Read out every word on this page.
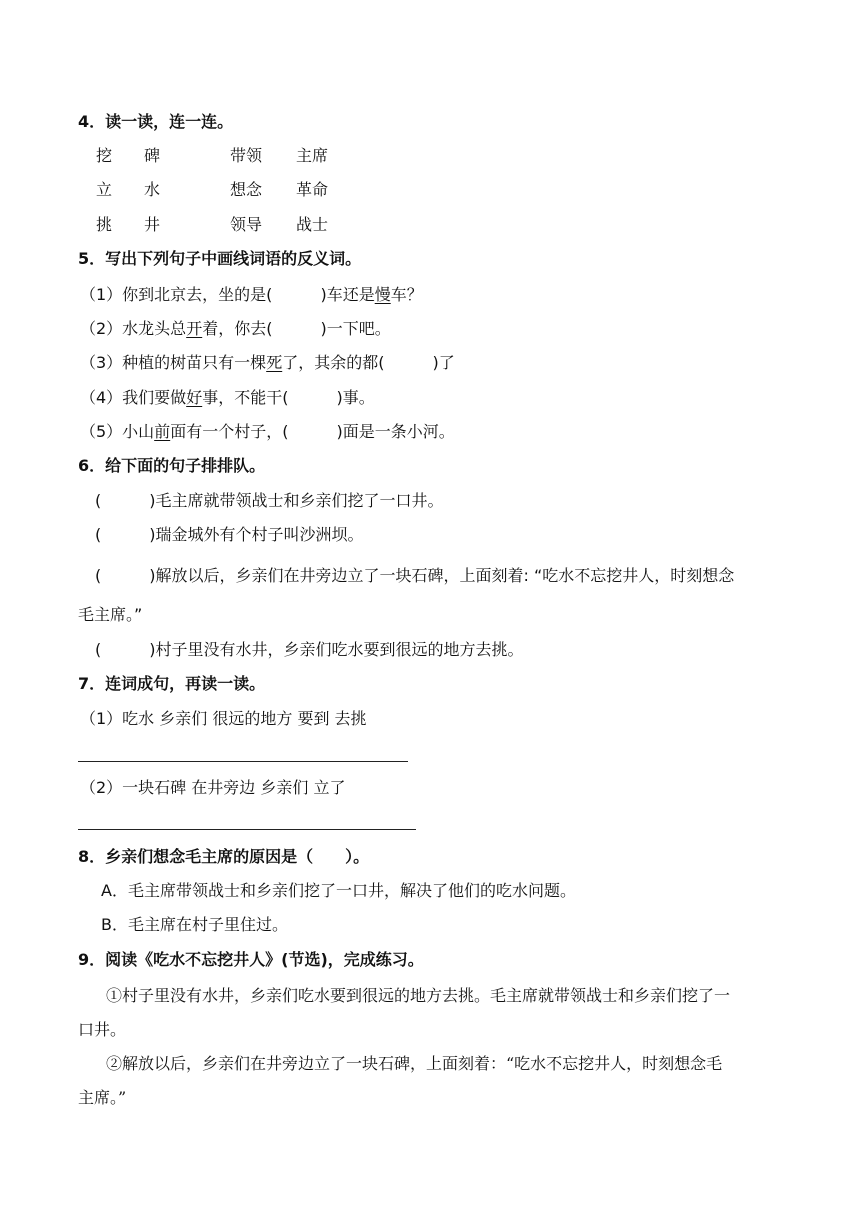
4．读一读，连一连。
挖 碑	带领 主席
立 水	想念 革命
挑 井	领导 战士
5．写出下列句子中画线词语的反义词。
（1）你到北京去，坐的是(　　　	)车还是慢车？
（2）水龙头总开着，你去(　　　	)一下吧。
（3）种植的树苗只有一棵死了，其余的都(　　　	)了
（4）我们要做好事，不能干(　　　	)事。
（5）小山前面有一个村子，(　　　	)面是一条小河。
6．给下面的句子排排队。
(　　　)毛主席就带领战士和乡亲们挖了一口井。
(　　　)瑞金城外有个村子叫沙洲坝。
(　　　)解放以后，乡亲们在井旁边立了一块石碑，上面刻着: “吃水不忘挖井人，时刻想念
毛主席。”
(　　　)村子里没有水井，乡亲们吃水要到很远的地方去挑。
7．连词成句，再读一读。
（1）吃水 乡亲们 很远的地方 要到 去挑
（2）一块石碑 在井旁边 乡亲们 立了
8．乡亲们想念毛主席的原因是（　　）。
A．毛主席带领战士和乡亲们挖了一口井，解决了他们的吃水问题。
B．毛主席在村子里住过。
9．阅读《吃水不忘挖井人》(节选)，完成练习。
①村子里没有水井，乡亲们吃水要到很远的地方去挑。毛主席就带领战士和乡亲们挖了一
口井。
②解放以后，乡亲们在井旁边立了一块石碑，上面刻着：“吃水不忘挖井人，时刻想念毛
主席。”
